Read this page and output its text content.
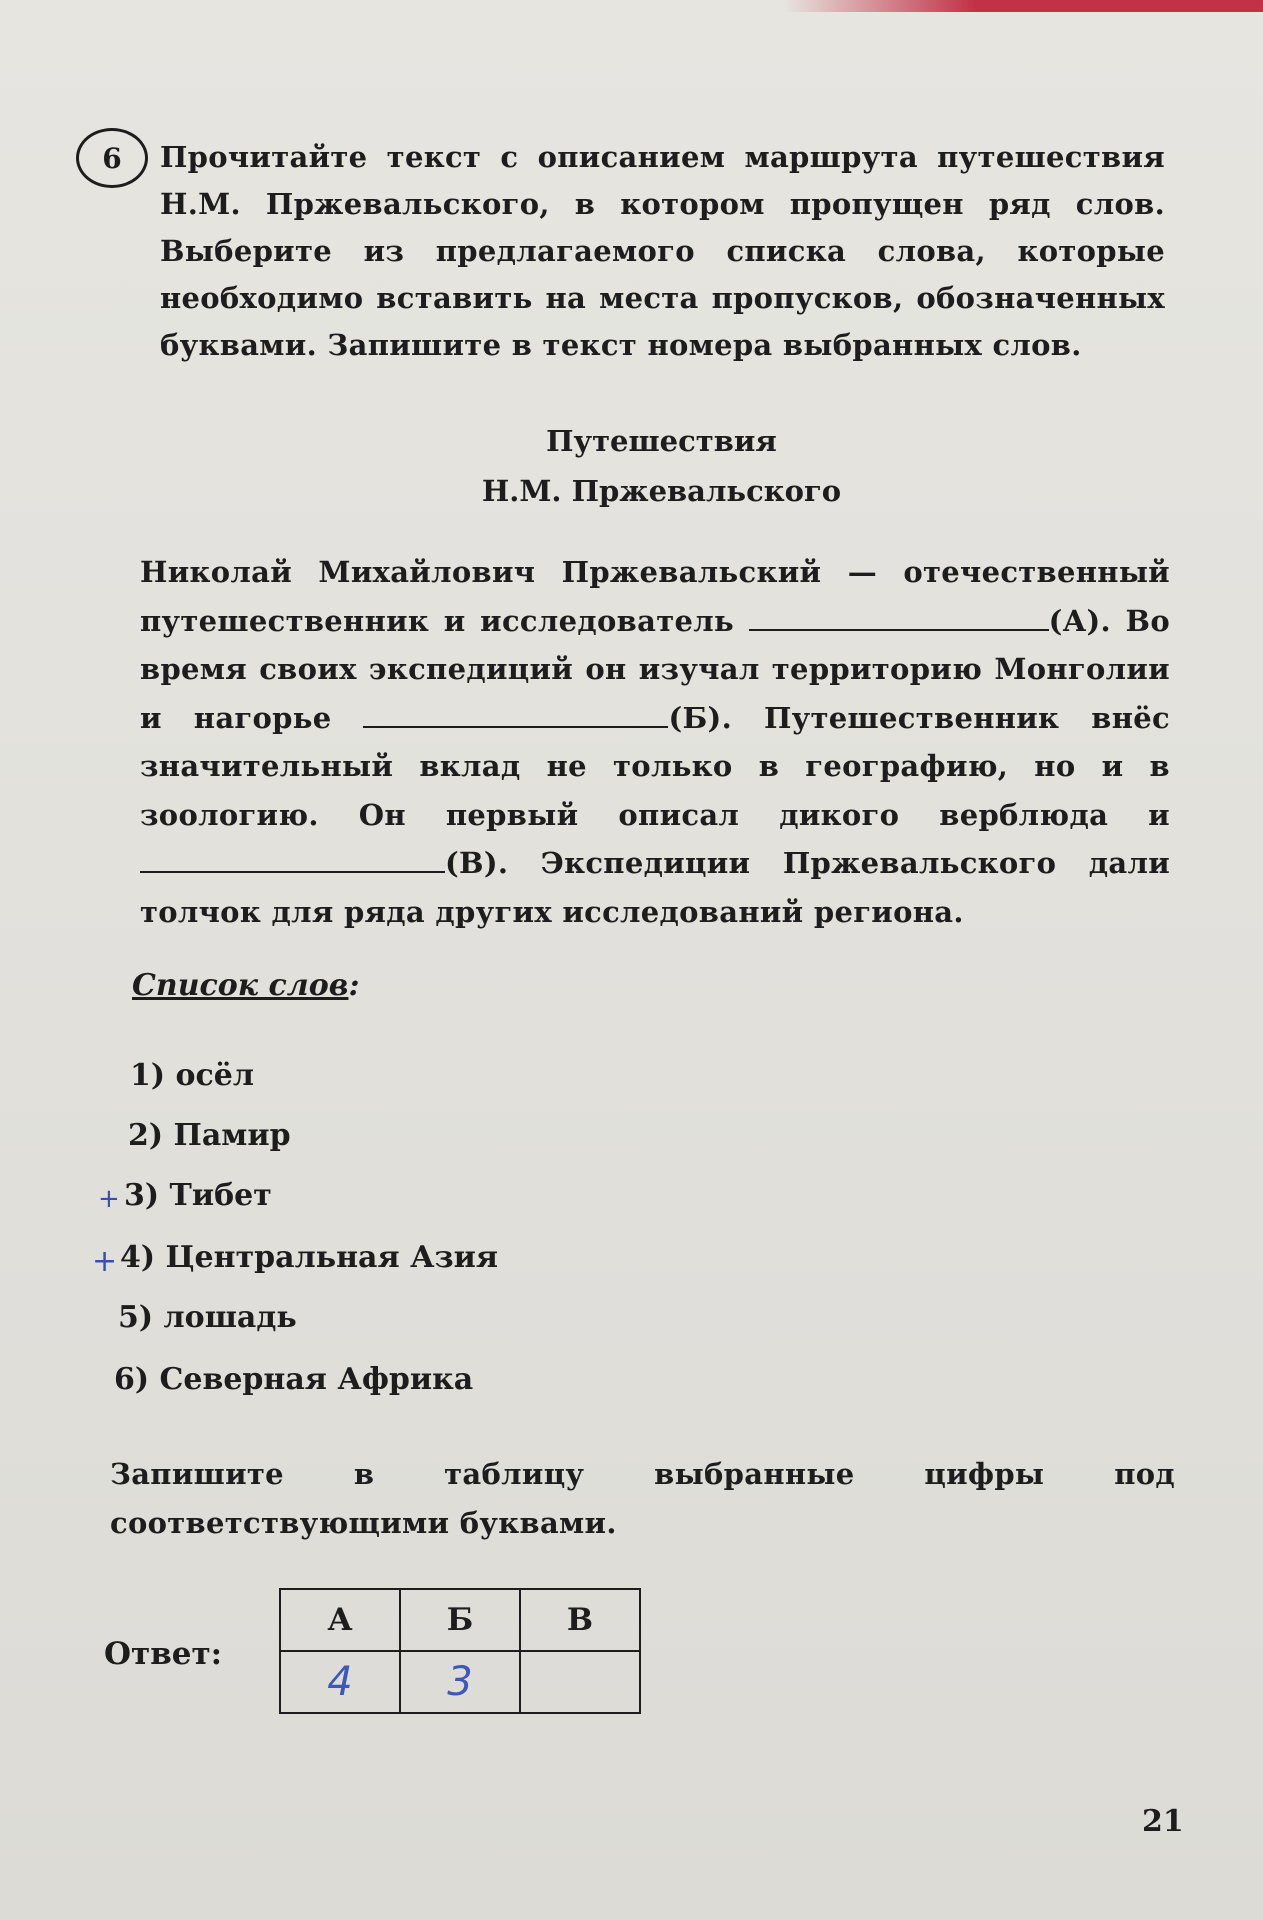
6 Прочитайте текст с описанием маршрута путешествия Н.М. Пржевальского, в котором пропущен ряд слов. Выберите из предлагаемого списка слова, которые необходимо вставить на места пропусков, обозначенных буквами. Запишите в текст номера выбранных слов.
Путешествия
Н.М. Пржевальского
Николай Михайлович Пржевальский — отечественный путешественник и исследователь	(А). Во время своих экспедиций он изучал территорию Монголии и нагорье	(Б). Путешественник внёс значительный вклад не только в географию, но и в зоологию. Он первый описал дикого верблюда и (В). Экспедиции Пржевальского дали толчок для ряда других исследований региона.
Список слов:
1) осёл
2) Памир
+ 3) Тибет
+ 4) Центральная Азия
5) лошадь
6) Северная Африка
Запишите в таблицу выбранные цифры под соответствующими буквами.
Ответ:
А	Б	В
4	3	
21
